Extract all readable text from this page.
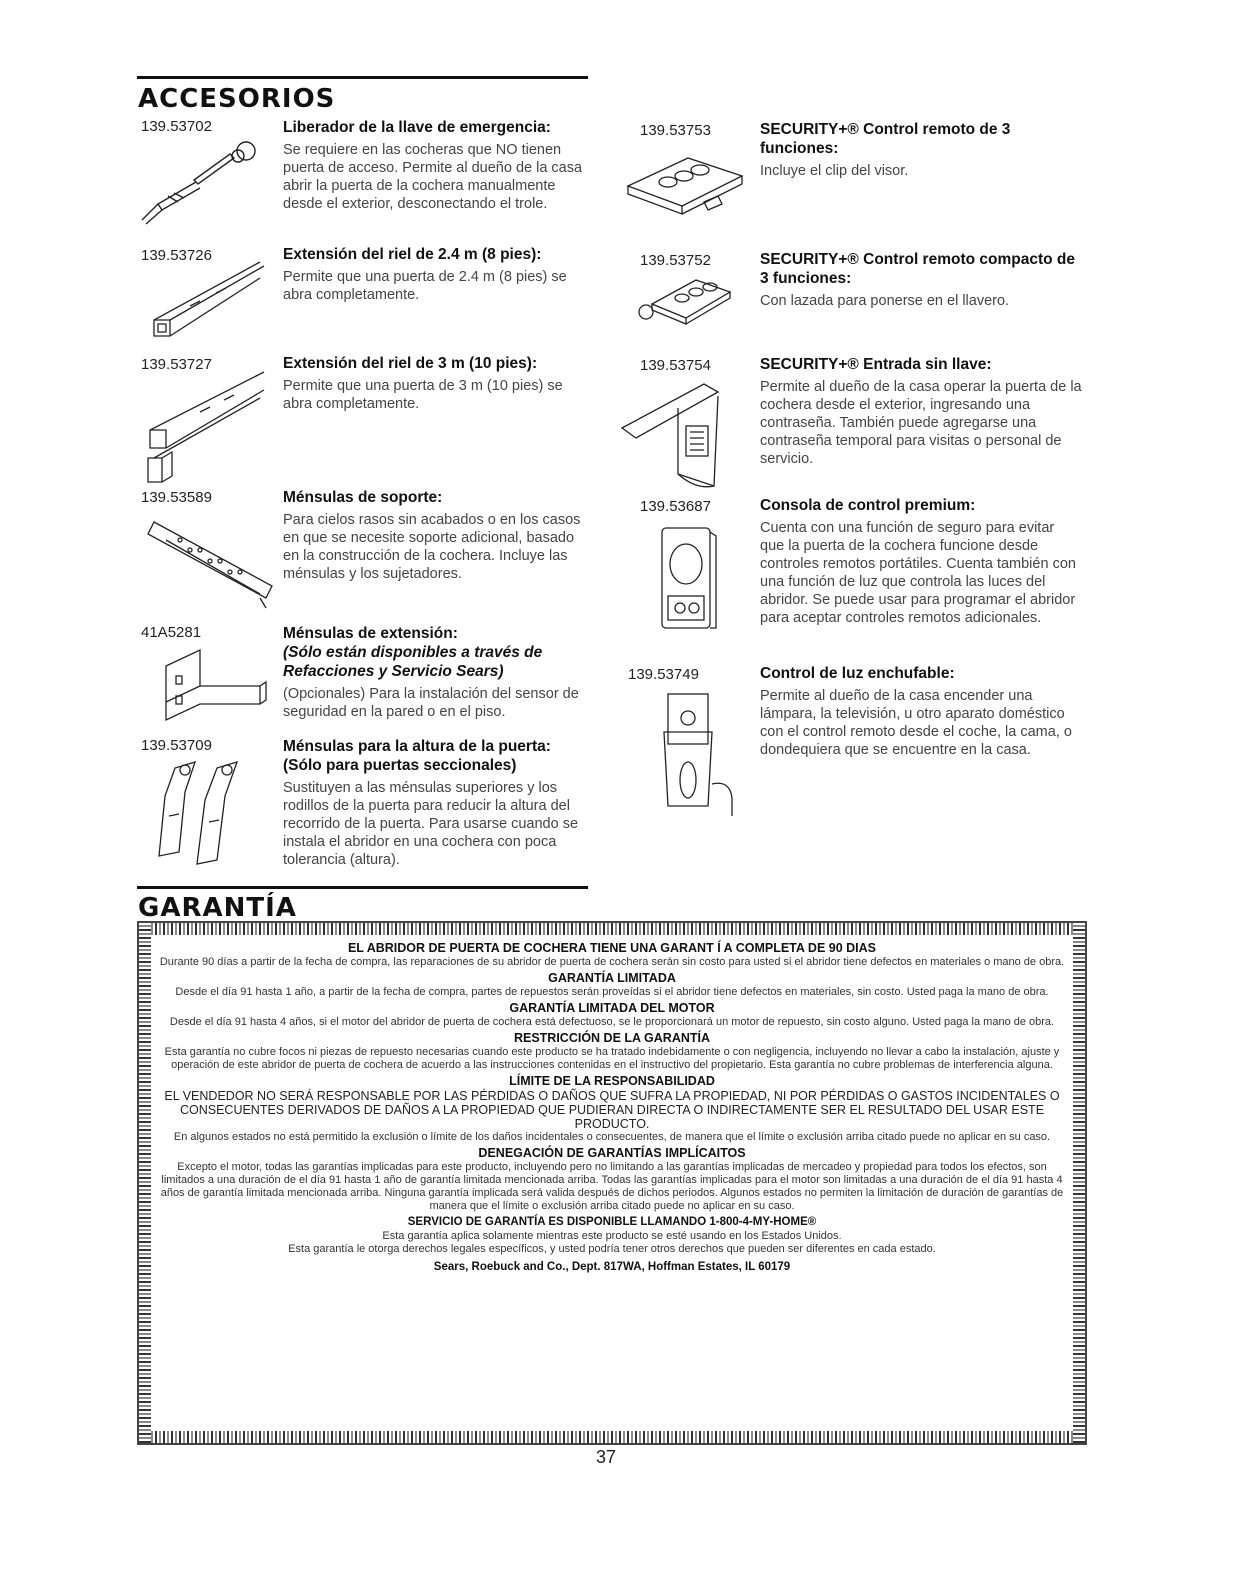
ACCESORIOS
139.53702	Liberador de la llave de emergencia:
Se requiere en las cocheras que NO tienen puerta de acceso. Permite al dueño de la casa abrir la puerta de la cochera manualmente desde el exterior, desconectando el trole.
139.53726	Extensión del riel de 2.4 m (8 pies):
Permite que una puerta de 2.4 m (8 pies) se abra completamente.
139.53727	Extensión del riel de 3 m (10 pies):
Permite que una puerta de 3 m (10 pies) se abra completamente.
139.53589	Ménsulas de soporte:
Para cielos rasos sin acabados o en los casos en que se necesite soporte adicional, basado en la construcción de la cochera. Incluye las ménsulas y los sujetadores.
41A5281	Ménsulas de extensión:
(Sólo están disponibles a través de Refacciones y Servicio Sears)
(Opcionales) Para la instalación del sensor de seguridad en la pared o en el piso.
139.53709	Ménsulas para la altura de la puerta:
(Sólo para puertas seccionales)
Sustituyen a las ménsulas superiores y los rodillos de la puerta para reducir la altura del recorrido de la puerta. Para usarse cuando se instala el abridor en una cochera con poca tolerancia (altura).
139.53753	SECURITY+® Control remoto de 3 funciones:
Incluye el clip del visor.
139.53752	SECURITY+® Control remoto compacto de 3 funciones:
Con lazada para ponerse en el llavero.
139.53754	SECURITY+® Entrada sin llave:
Permite al dueño de la casa operar la puerta de la cochera desde el exterior, ingresando una contraseña. También puede agregarse una contraseña temporal para visitas o personal de servicio.
139.53687	Consola de control premium:
Cuenta con una función de seguro para evitar que la puerta de la cochera funcione desde controles remotos portátiles. Cuenta también con una función de luz que controla las luces del abridor. Se puede usar para programar el abridor para aceptar controles remotos adicionales.
139.53749	Control de luz enchufable:
Permite al dueño de la casa encender una lámpara, la televisión, u otro aparato doméstico con el control remoto desde el coche, la cama, o dondequiera que se encuentre en la casa.
GARANTÍA
EL ABRIDOR DE PUERTA DE COCHERA TIENE UNA GARANT Í A COMPLETA DE 90 DIAS
Durante 90 días a partir de la fecha de compra, las reparaciones de su abridor de puerta de cochera serán sin costo para usted si el abridor tiene defectos en materiales o mano de obra.
GARANTÍA LIMITADA
Desde el día 91 hasta 1 año, a partir de la fecha de compra, partes de repuestos serán proveídas si el abridor tiene defectos en materiales, sin costo. Usted paga la mano de obra.
GARANTÍA LIMITADA DEL MOTOR
Desde el día 91 hasta 4 años, si el motor del abridor de puerta de cochera está defectuoso, se le proporcionará un motor de repuesto, sin costo alguno. Usted paga la mano de obra.
RESTRICCIÓN DE LA GARANTÍA
Esta garantía no cubre focos ni piezas de repuesto necesarias cuando este producto se ha tratado indebidamente o con negligencia, incluyendo no llevar a cabo la instalación, ajuste y operación de este abridor de puerta de cochera de acuerdo a las instrucciones contenidas en el instructivo del propietario. Esta garantía no cubre problemas de interferencia alguna.
LÍMITE DE LA RESPONSABILIDAD
EL VENDEDOR NO SERÁ RESPONSABLE POR LAS PÉRDIDAS O DAÑOS QUE SUFRA LA PROPIEDAD, NI POR PÉRDIDAS O GASTOS INCIDENTALES O CONSECUENTES DERIVADOS DE DAÑOS A LA PROPIEDAD QUE PUDIERAN DIRECTA O INDIRECTAMENTE SER EL RESULTADO DEL USAR ESTE PRODUCTO.
En algunos estados no está permitido la exclusión o límite de los daños incidentales o consecuentes, de manera que el límite o exclusión arriba citado puede no aplicar en su caso.
DENEGACIÓN DE GARANTÍAS IMPLÍCAITOS
Excepto el motor, todas las garantías implicadas para este producto, incluyendo pero no limitando a las garantías implicadas de mercadeo y propiedad para todos los efectos, son limitados a una duración de el día 91 hasta 1 año de garantía limitada mencionada arriba. Todas las garantías implicadas para el motor son limitadas a una duración de el día 91 hasta 4 años de garantía limitada mencionada arriba. Ninguna garantía implicada será valida después de dichos periodos. Algunos estados no permiten la limitación de duración de garantías de manera que el límite o exclusión arriba citado puede no aplicar en su caso.
SERVICIO DE GARANTÍA ES DISPONIBLE LLAMANDO 1-800-4-MY-HOME®
Esta garantía aplica solamente mientras este producto se esté usando en los Estados Unidos.
Esta garantía le otorga derechos legales específicos, y usted podría tener otros derechos que pueden ser diferentes en cada estado.
Sears, Roebuck and Co., Dept. 817WA, Hoffman Estates, IL 60179
37
